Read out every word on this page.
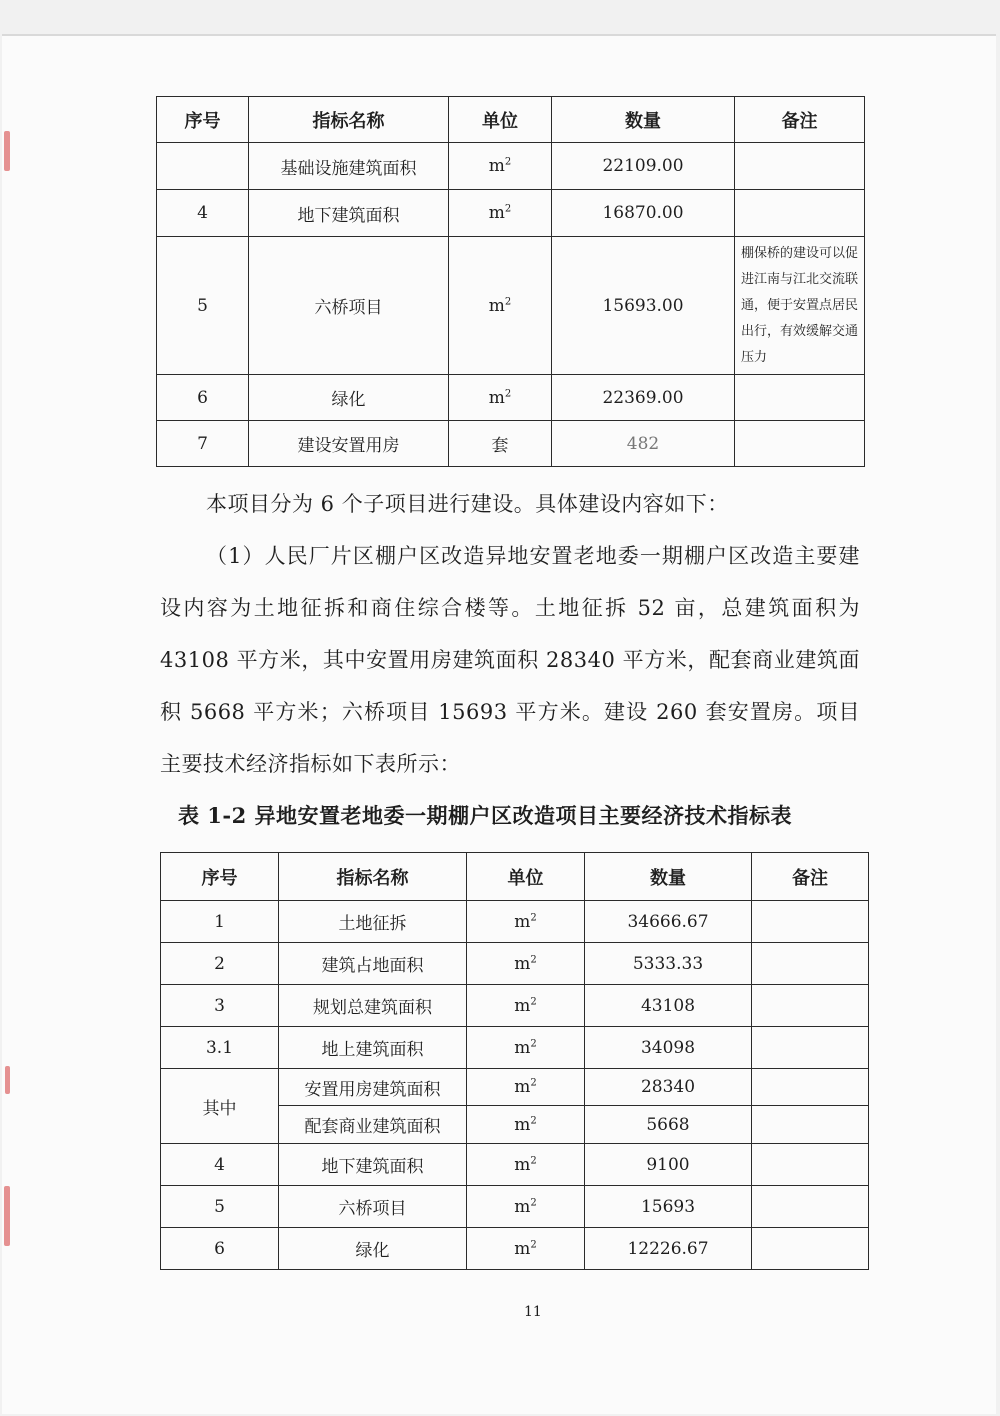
序号	指标名称	单位	数量	备注
	基础设施建筑面积	$m^2$	22109.00	
4	地下建筑面积	$m^2$	16870.00	
5	六桥项目	$m^2$	15693.00	棚保桥的建设可以促进江南与江北交流联通，便于安置点居民出行，有效缓解交通压力
6	绿化	$m^2$	22369.00	
7	建设安置用房	套	482	

本项目分为 6 个子项目进行建设。具体建设内容如下：

（1）人民厂片区棚户区改造异地安置老地委一期棚户区改造主要建设内容为土地征拆和商住综合楼等。土地征拆 52 亩，总建筑面积为 43108 平方米，其中安置用房建筑面积 28340 平方米，配套商业建筑面积 5668 平方米；六桥项目 15693 平方米。建设 260 套安置房。项目主要技术经济指标如下表所示：

表 1-2 异地安置老地委一期棚户区改造项目主要经济技术指标表

序号	指标名称	单位	数量	备注
1	土地征拆	$m^2$	34666.67	
2	建筑占地面积	$m^2$	5333.33	
3	规划总建筑面积	$m^2$	43108	
3.1	地上建筑面积	$m^2$	34098	
其中	安置用房建筑面积	$m^2$	28340	
	配套商业建筑面积	$m^2$	5668	
4	地下建筑面积	$m^2$	9100	
5	六桥项目	$m^2$	15693	
6	绿化	$m^2$	12226.67	
11
